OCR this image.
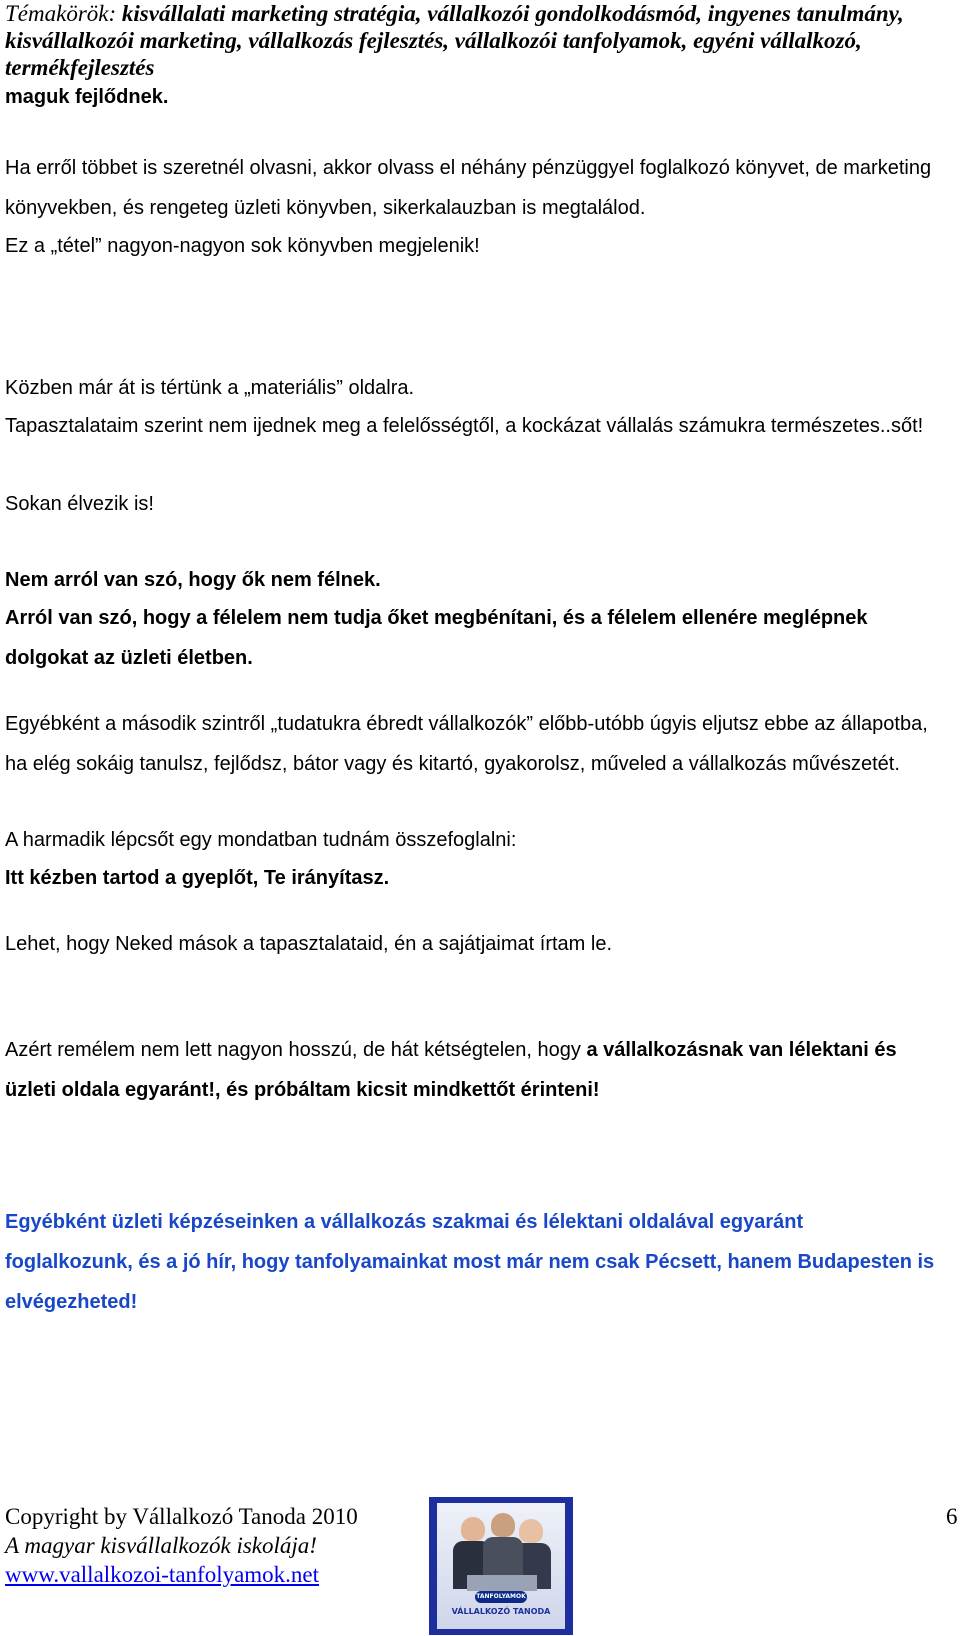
Témakörök: kisvállalati marketing stratégia, vállalkozói gondolkodásmód, ingyenes tanulmány, kisvállalkozói marketing, vállalkozás fejlesztés, vállalkozói tanfolyamok, egyéni vállalkozó, termékfejlesztés
maguk fejlődnek.
Ha erről többet is szeretnél olvasni, akkor olvass el néhány pénzüggyel foglalkozó könyvet, de marketing könyvekben, és rengeteg üzleti könyvben, sikerkalauzban is megtalálod.
Ez a „tétel” nagyon-nagyon sok könyvben megjelenik!
Közben már át is tértünk a „materiális” oldalra.
Tapasztalataim szerint nem ijednek meg a felelősségtől, a kockázat vállalás számukra természetes..sőt!
Sokan élvezik is!
Nem arról van szó, hogy ők nem félnek.
Arról van szó, hogy a félelem nem tudja őket megbénítani, és a félelem ellenére meglépnek dolgokat az üzleti életben.
Egyébként a második szintről „tudatukra ébredt vállalkozók” előbb-utóbb úgyis eljutsz ebbe az állapotba, ha elég sokáig tanulsz, fejlődsz, bátor vagy és kitartó, gyakorolsz, műveled a vállalkozás művészetét.
A harmadik lépcsőt egy mondatban tudnám összefoglalni:
Itt kézben tartod a gyeplőt, Te irányítasz.
Lehet, hogy Neked mások a tapasztalataid, én a sajátjaimat írtam le.
Azért remélem nem lett nagyon hosszú, de hát kétségtelen, hogy a vállalkozásnak van lélektani és üzleti oldala egyaránt!, és próbáltam kicsit mindkettőt érinteni!
Egyébként üzleti képzéseinken a vállalkozás szakmai és lélektani oldalával egyaránt foglalkozunk, és a jó hír, hogy tanfolyamainkat most már nem csak Pécsett, hanem Budapesten is elvégezheted!
Copyright by Vállalkozó Tanoda 2010
A magyar kisvállalkozók iskolája!
www.vallalkozoi-tanfolyamok.net
TANFOLYAMOK
VÁLLALKOZÓ TANODA
6
